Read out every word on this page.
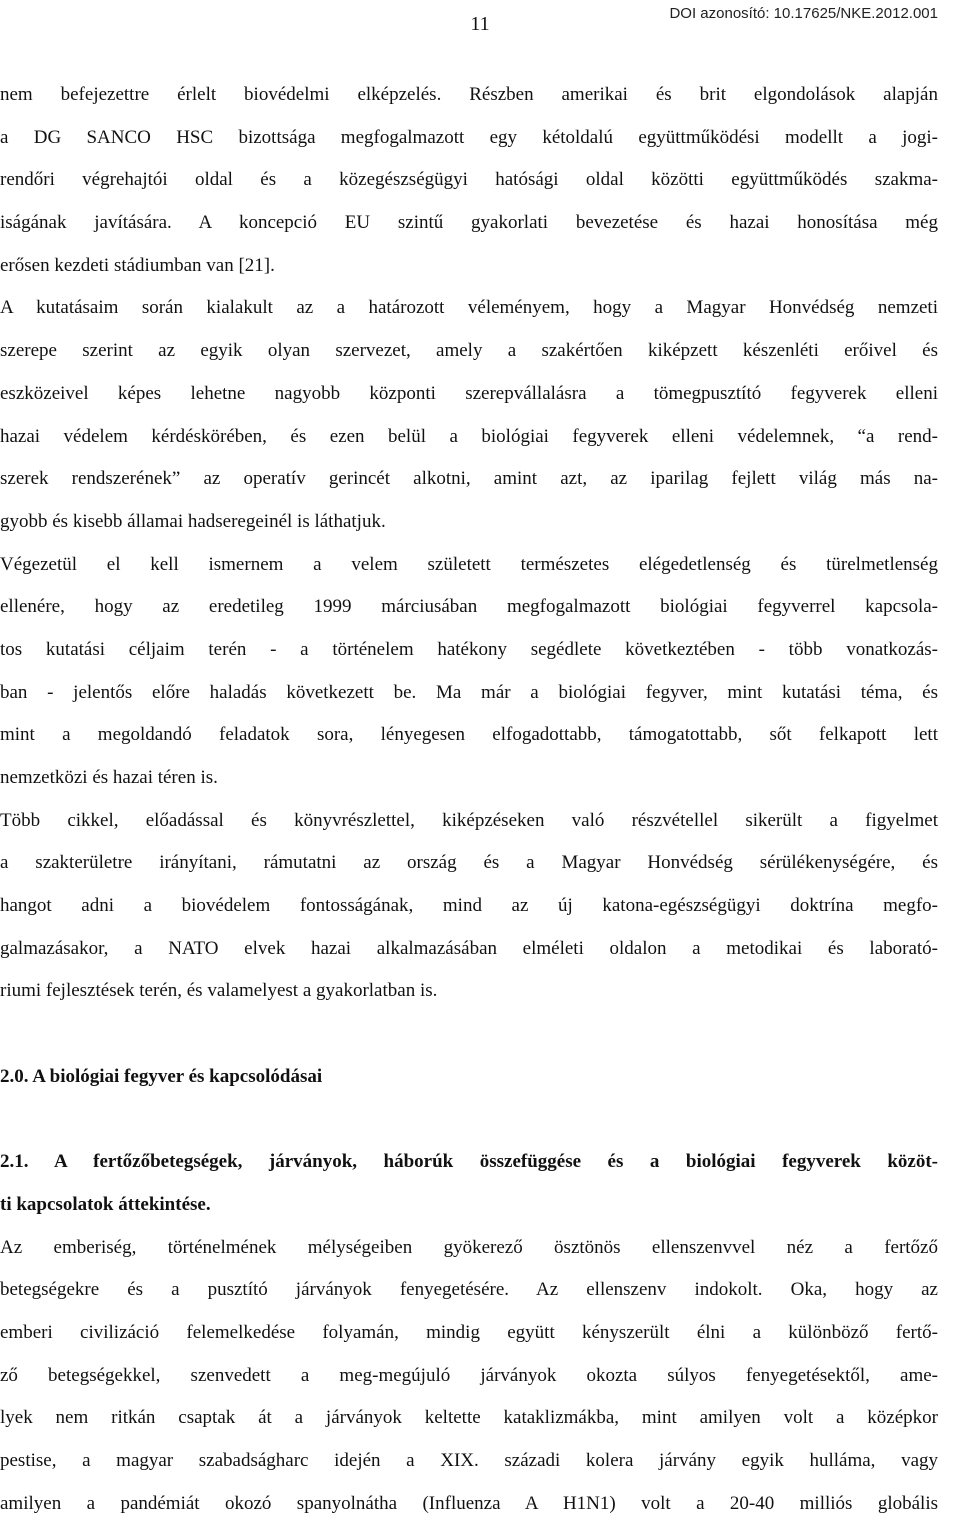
11	DOI azonosító: 10.17625/NKE.2012.001
nem befejezettre érlelt biovédelmi elképzelés. Részben amerikai és brit elgondolások alapján
a DG SANCO HSC bizottsága megfogalmazott egy kétoldalú együttműködési modellt a jogi-
rendőri végrehajtói oldal és a közegészségügyi hatósági oldal közötti együttműködés szakma-
iságának javítására. A koncepció EU szintű gyakorlati bevezetése és hazai honosítása még
erősen kezdeti stádiumban van [21].
A kutatásaim során kialakult az a határozott véleményem, hogy a Magyar Honvédség nemzeti
szerepe szerint az egyik olyan szervezet, amely a szakértően kiképzett készenléti erőivel és
eszközeivel képes lehetne nagyobb központi szerepvállalásra a tömegpusztító fegyverek elleni
hazai védelem kérdéskörében, és ezen belül a biológiai fegyverek elleni védelemnek, “a rend-
szerek rendszerének” az operatív gerincét alkotni, amint azt, az iparilag fejlett világ más na-
gyobb és kisebb államai hadseregeinél is láthatjuk.
Végezetül el kell ismernem a velem született természetes elégedetlenség és türelmetlenség
ellenére, hogy az eredetileg 1999 márciusában megfogalmazott biológiai fegyverrel kapcsola-
tos kutatási céljaim terén - a történelem hatékony segédlete következtében - több vonatkozás-
ban - jelentős előre haladás következett be. Ma már a biológiai fegyver, mint kutatási téma, és
mint a megoldandó feladatok sora, lényegesen elfogadottabb, támogatottabb, sőt felkapott lett
nemzetközi és hazai téren is.
Több cikkel, előadással és könyvrészlettel, kiképzéseken való részvétellel sikerült a figyelmet
a szakterületre irányítani, rámutatni az ország és a Magyar Honvédség sérülékenységére, és
hangot adni a biovédelem fontosságának, mind az új katona-egészségügyi doktrína megfo-
galmazásakor, a NATO elvek hazai alkalmazásában elméleti oldalon a metodikai és laborató-
riumi fejlesztések terén, és valamelyest a gyakorlatban is.
2.0. A biológiai fegyver és kapcsolódásai
2.1. A fertőzőbetegségek, járványok, háborúk összefüggése és a biológiai fegyverek közöt-
ti kapcsolatok áttekintése.
Az emberiség, történelmének mélységeiben gyökerező ösztönös ellenszenvvel néz a fertőző
betegségekre és a pusztító járványok fenyegetésére. Az ellenszenv indokolt. Oka, hogy az
emberi civilizáció felemelkedése folyamán, mindig együtt kényszerült élni a különböző fertő-
ző betegségekkel, szenvedett a meg-megújuló járványok okozta súlyos fenyegetésektől, ame-
lyek nem ritkán csaptak át a járványok keltette kataklizmákba, mint amilyen volt a középkor
pestise, a magyar szabadságharc idején a XIX. századi kolera járvány egyik hulláma, vagy
amilyen a pandémiát okozó spanyolnátha (Influenza A H1N1) volt a 20-40 milliós globális
